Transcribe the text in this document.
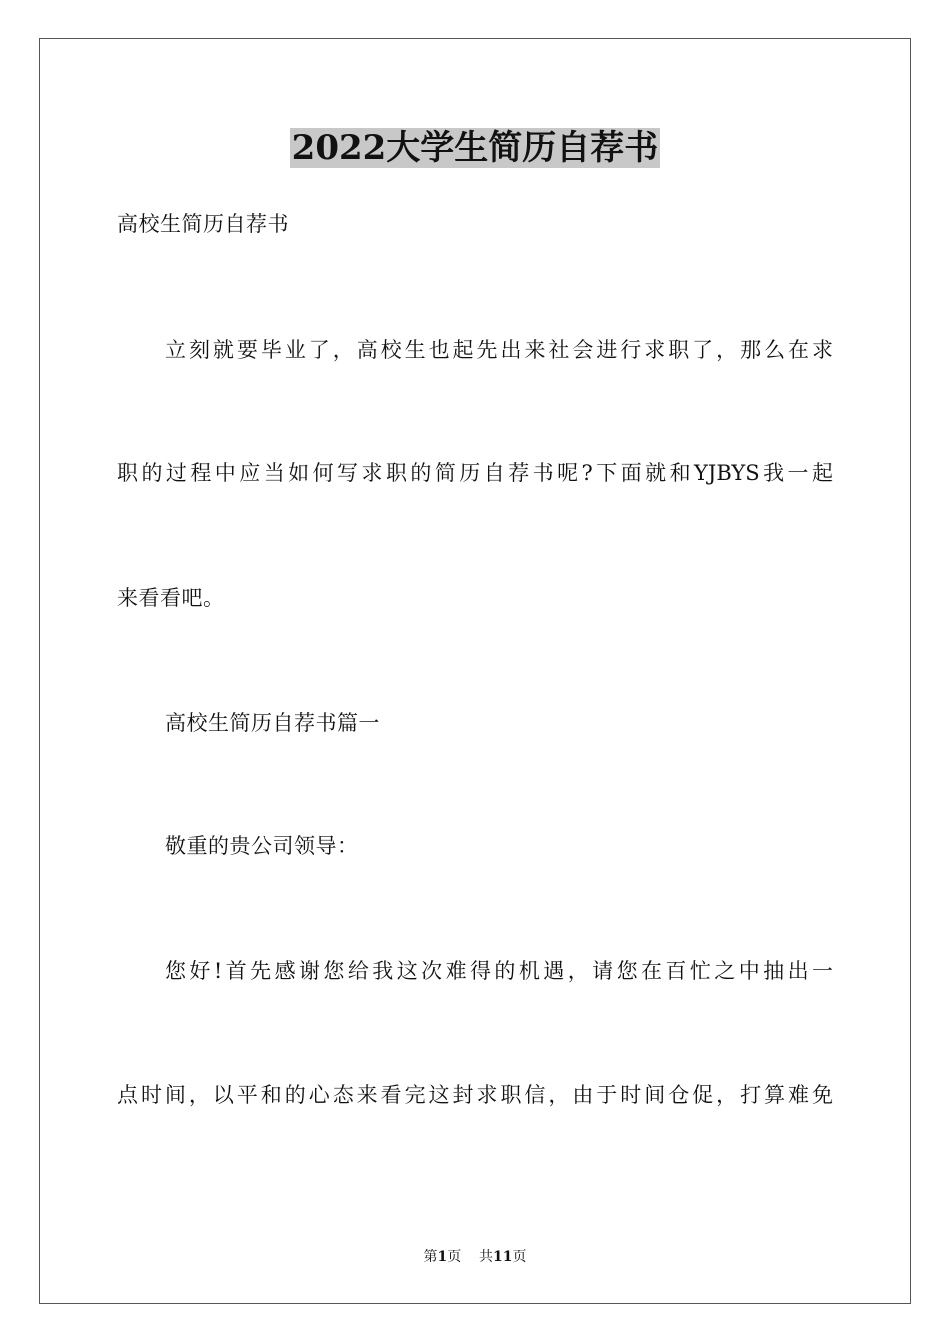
2022大学生简历自荐书
高校生简历自荐书
立刻就要毕业了，高校生也起先出来社会进行求职了，那么在求
职的过程中应当如何写求职的简历自荐书呢?下面就和YJBYS我一起
来看看吧。
高校生简历自荐书篇一
敬重的贵公司领导：
您好!首先感谢您给我这次难得的机遇，请您在百忙之中抽出一
点时间，以平和的心态来看完这封求职信，由于时间仓促，打算难免
第1页 共11页
